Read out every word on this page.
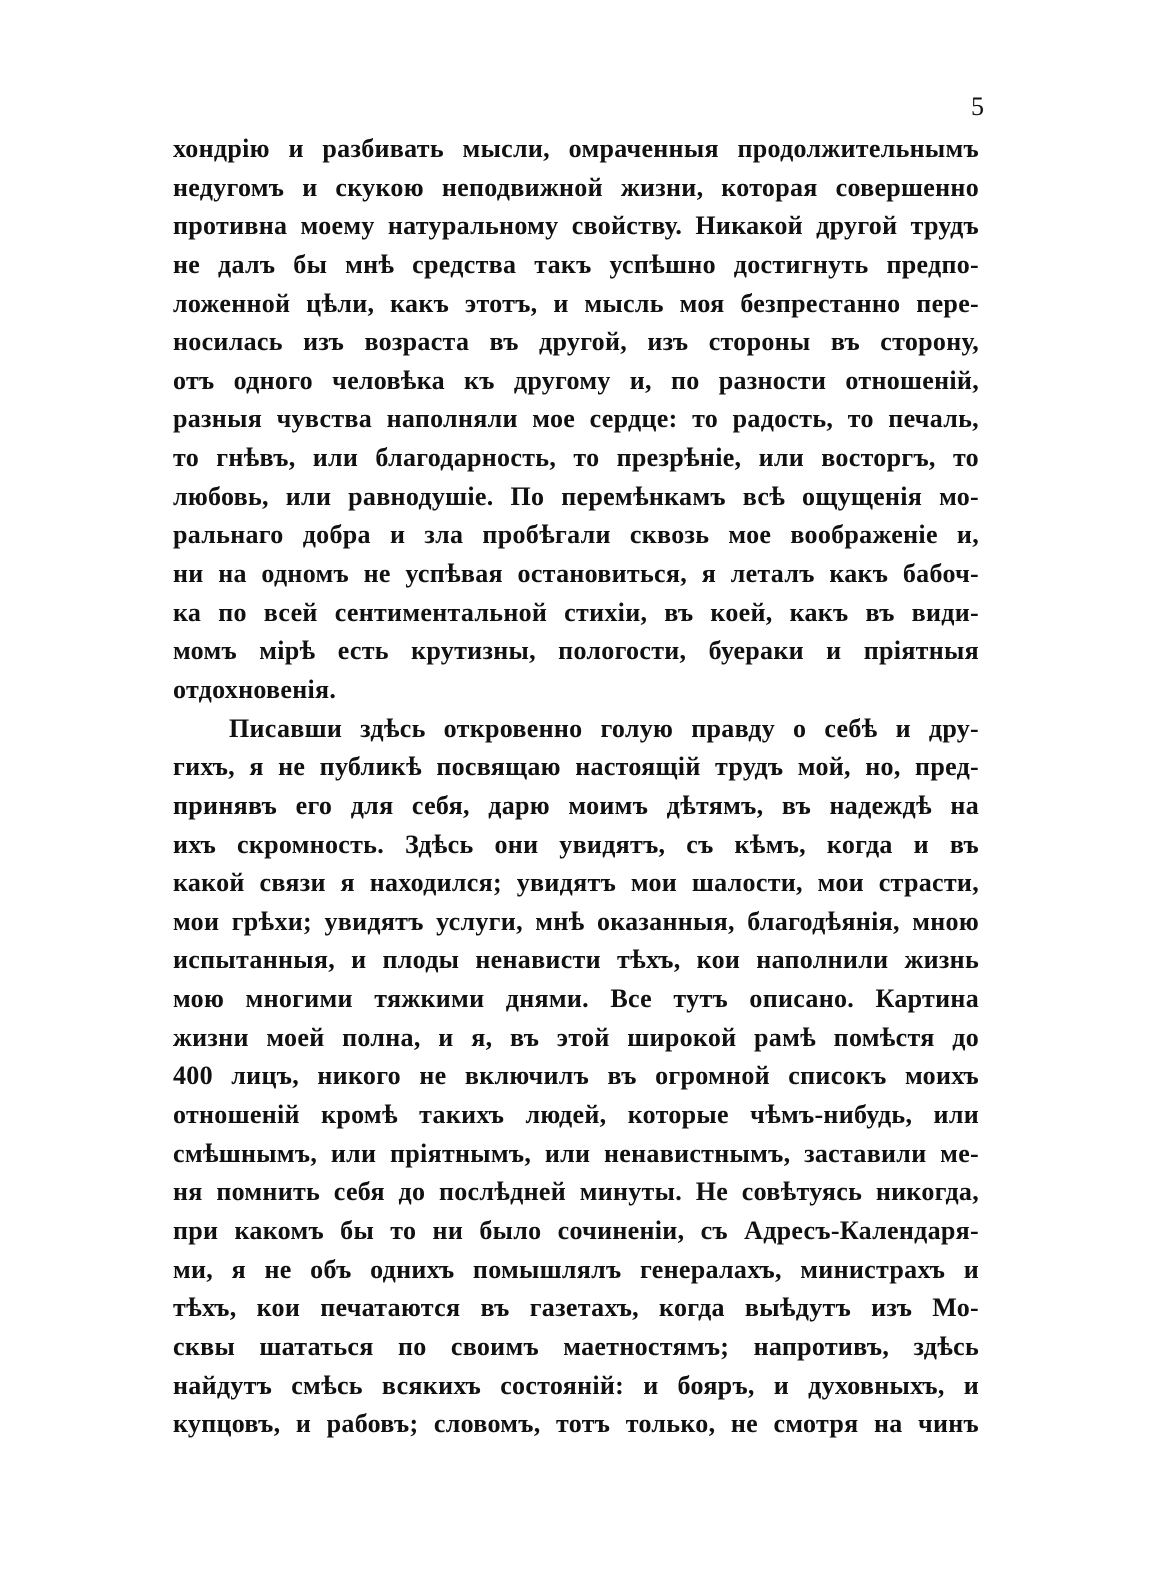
5
хондрію и разбивать мысли, омраченныя продолжительнымъ
недугомъ и скукою неподвижной жизни, которая совершенно
противна моему натуральному свойству. Никакой другой трудъ
не далъ бы мнѣ средства такъ успѣшно достигнуть предпо-
ложенной цѣли, какъ этотъ, и мысль моя безпрестанно пере-
носилась изъ возраста въ другой, изъ стороны въ сторону,
отъ одного человѣка къ другому и, по разности отношеній,
разныя чувства наполняли мое сердце: то радость, то печаль,
то гнѣвъ, или благодарность, то презрѣніе, или восторгъ, то
любовь, или равнодушіе. По перемѣнкамъ всѣ ощущенія мо-
ральнаго добра и зла пробѣгали сквозь мое воображеніе и,
ни на одномъ не успѣвая остановиться, я леталъ какъ бабоч-
ка по всей сентиментальной стихіи, въ коей, какъ въ види-
момъ мірѣ есть крутизны, пологости, буераки и пріятныя
отдохновенія.
Писавши здѣсь откровенно голую правду о себѣ и дру-
гихъ, я не публикѣ посвящаю настоящій трудъ мой, но, пред-
принявъ его для себя, дарю моимъ дѣтямъ, въ надеждѣ на
ихъ скромность. Здѣсь они увидятъ, съ кѣмъ, когда и въ
какой связи я находился; увидятъ мои шалости, мои страсти,
мои грѣхи; увидятъ услуги, мнѣ оказанныя, благодѣянія, мною
испытанныя, и плоды ненависти тѣхъ, кои наполнили жизнь
мою многими тяжкими днями. Все тутъ описано. Картина
жизни моей полна, и я, въ этой широкой рамѣ помѣстя до
400 лицъ, никого не включилъ въ огромной списокъ моихъ
отношеній кромѣ такихъ людей, которые чѣмъ-нибудь, или
смѣшнымъ, или пріятнымъ, или ненавистнымъ, заставили ме-
ня помнить себя до послѣдней минуты. Не совѣтуясь никогда,
при какомъ бы то ни было сочиненіи, съ Адресъ-Календаря-
ми, я не объ однихъ помышлялъ генералахъ, министрахъ и
тѣхъ, кои печатаются въ газетахъ, когда выѣдутъ изъ Мо-
сквы шататься по своимъ маетностямъ; напротивъ, здѣсь
найдутъ смѣсь всякихъ состояній: и бояръ, и духовныхъ, и
купцовъ, и рабовъ; словомъ, тотъ только, не смотря на чинъ
